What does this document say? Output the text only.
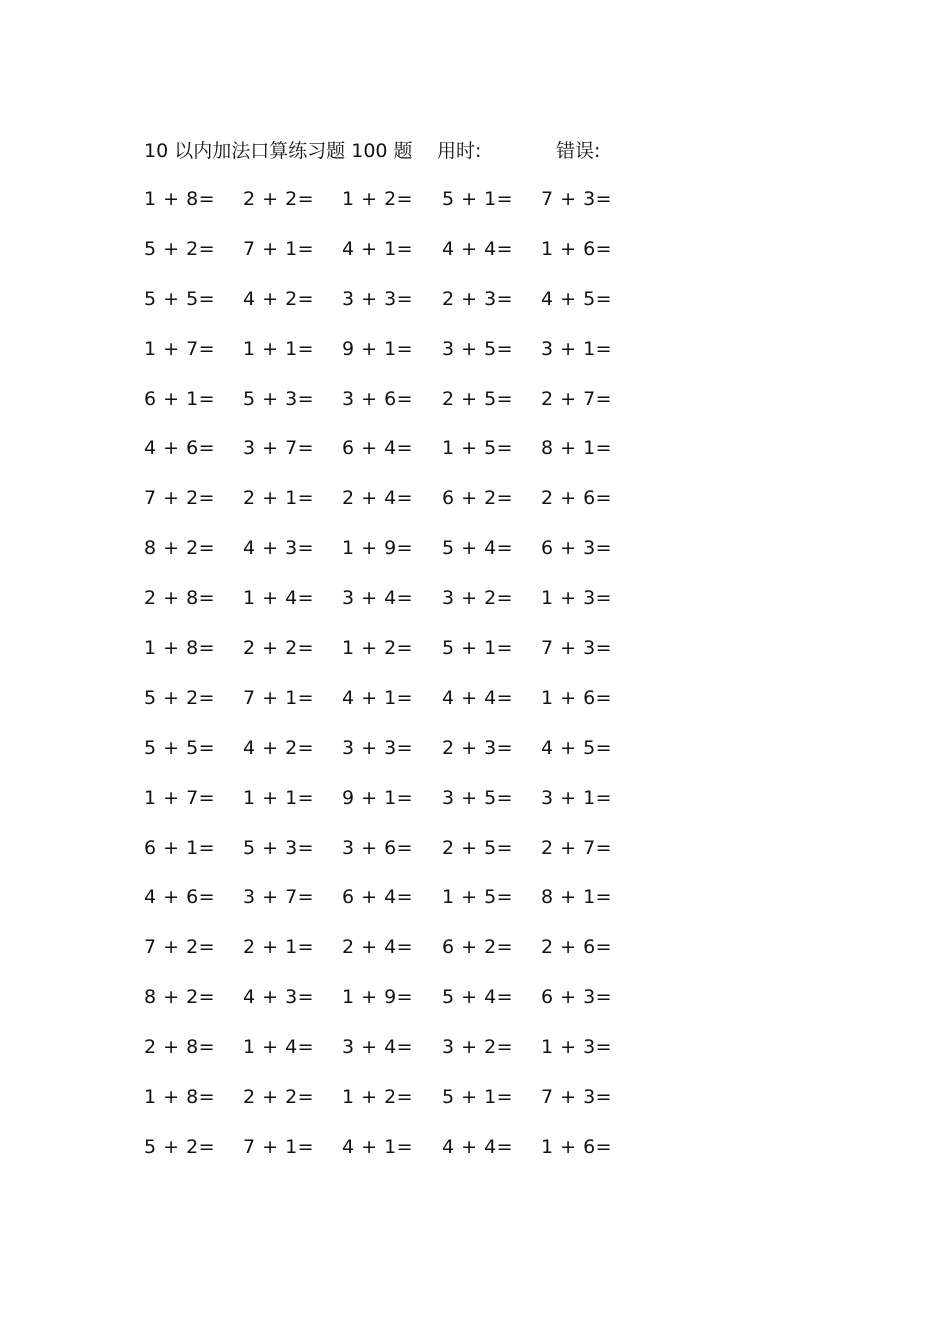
10 以内加法口算练习题 100 题 用时:	错误:
1 + 8= 2 + 2= 1 + 2= 5 + 1= 7 + 3=
5 + 2= 7 + 1= 4 + 1= 4 + 4= 1 + 6=
5 + 5= 4 + 2= 3 + 3= 2 + 3= 4 + 5=
1 + 7= 1 + 1= 9 + 1= 3 + 5= 3 + 1=
6 + 1= 5 + 3= 3 + 6= 2 + 5= 2 + 7=
4 + 6= 3 + 7= 6 + 4= 1 + 5= 8 + 1=
7 + 2= 2 + 1= 2 + 4= 6 + 2= 2 + 6=
8 + 2= 4 + 3= 1 + 9= 5 + 4= 6 + 3=
2 + 8= 1 + 4= 3 + 4= 3 + 2= 1 + 3=
1 + 8= 2 + 2= 1 + 2= 5 + 1= 7 + 3=
5 + 2= 7 + 1= 4 + 1= 4 + 4= 1 + 6=
5 + 5= 4 + 2= 3 + 3= 2 + 3= 4 + 5=
1 + 7= 1 + 1= 9 + 1= 3 + 5= 3 + 1=
6 + 1= 5 + 3= 3 + 6= 2 + 5= 2 + 7=
4 + 6= 3 + 7= 6 + 4= 1 + 5= 8 + 1=
7 + 2= 2 + 1= 2 + 4= 6 + 2= 2 + 6=
8 + 2= 4 + 3= 1 + 9= 5 + 4= 6 + 3=
2 + 8= 1 + 4= 3 + 4= 3 + 2= 1 + 3=
1 + 8= 2 + 2= 1 + 2= 5 + 1= 7 + 3=
5 + 2= 7 + 1= 4 + 1= 4 + 4= 1 + 6=
